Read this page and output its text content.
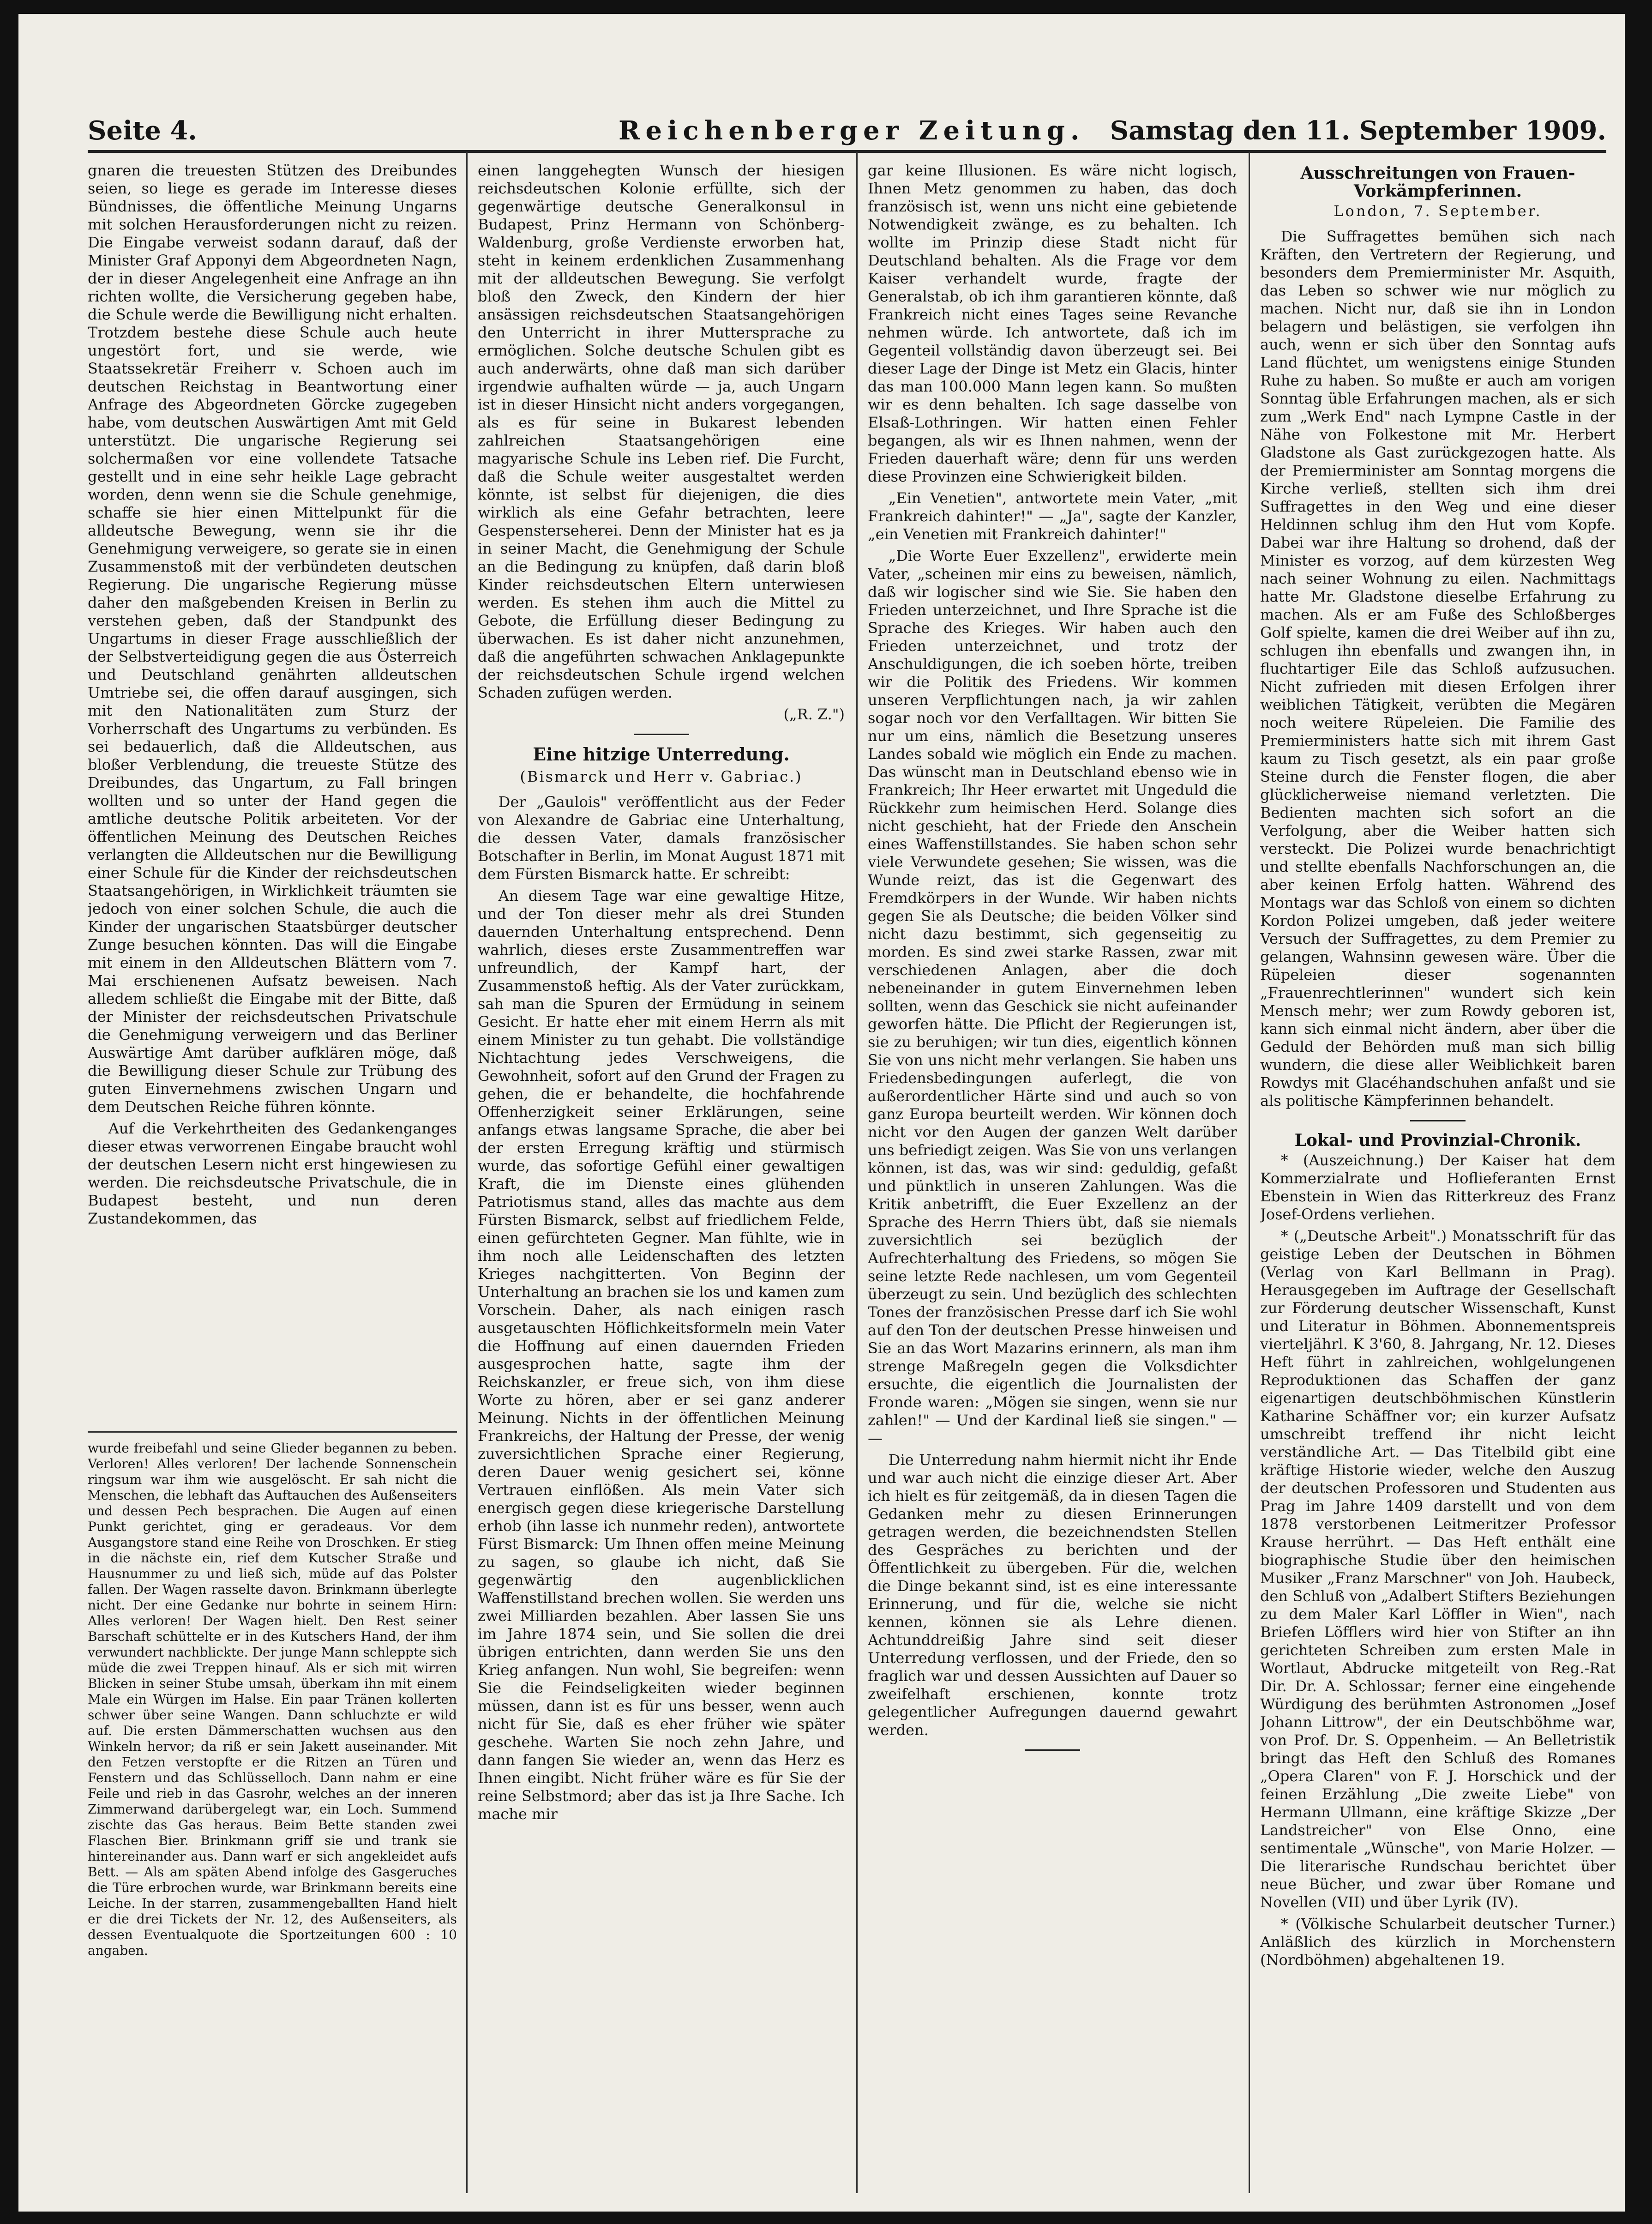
Seite 4.	Reichenberger Zeitung. Samstag den 11. September 1909.

gnaren die treuesten Stützen des Dreibundes seien, so liege es gerade im Interesse dieses Bündnisses, die öffentliche Meinung Ungarns mit solchen Herausforderungen nicht zu reizen. Die Eingabe verweist sodann darauf, daß der Minister Graf Apponyi dem Abgeordneten Nagn, der in dieser Angelegenheit eine Anfrage an ihn richten wollte, die Versicherung gegeben habe, die Schule werde die Bewilligung nicht erhalten. Trotzdem bestehe diese Schule auch heute ungestört fort, und sie werde, wie Staatssekretär Freiherr v. Schoen auch im deutschen Reichstag in Beantwortung einer Anfrage des Abgeordneten Görcke zugegeben habe, vom deutschen Auswärtigen Amt mit Geld unterstützt. Die ungarische Regierung sei solchermaßen vor eine vollendete Tatsache gestellt und in eine sehr heikle Lage gebracht worden, denn wenn sie die Schule genehmige, schaffe sie hier einen Mittelpunkt für die alldeutsche Bewegung, wenn sie ihr die Genehmigung verweigere, so gerate sie in einen Zusammenstoß mit der verbündeten deutschen Regierung. Die ungarische Regierung müsse daher den maßgebenden Kreisen in Berlin zu verstehen geben, daß der Standpunkt des Ungartums in dieser Frage ausschließlich der der Selbstverteidigung gegen die aus Österreich und Deutschland genährten alldeutschen Umtriebe sei, die offen darauf ausgingen, sich mit den Nationalitäten zum Sturz der Vorherrschaft des Ungartums zu verbünden. Es sei bedauerlich, daß die Alldeutschen, aus bloßer Verblendung, die treueste Stütze des Dreibundes, das Ungartum, zu Fall bringen wollten und so unter der Hand gegen die amtliche deutsche Politik arbeiteten. Vor der öffentlichen Meinung des Deutschen Reiches verlangten die Alldeutschen nur die Bewilligung einer Schule für die Kinder der reichsdeutschen Staatsangehörigen, in Wirklichkeit träumten sie jedoch von einer solchen Schule, die auch die Kinder der ungarischen Staatsbürger deutscher Zunge besuchen könnten. Das will die Eingabe mit einem in den Alldeutschen Blättern vom 7. Mai erschienenen Aufsatz beweisen. Nach alledem schließt die Eingabe mit der Bitte, daß der Minister der reichsdeutschen Privatschule die Genehmigung verweigern und das Berliner Auswärtige Amt darüber aufklären möge, daß die Bewilligung dieser Schule zur Trübung des guten Einvernehmens zwischen Ungarn und dem Deutschen Reiche führen könnte.

Auf die Verkehrtheiten des Gedankenganges dieser etwas verworrenen Eingabe braucht wohl der deutschen Lesern nicht erst hingewiesen zu werden. Die reichsdeutsche Privatschule, die in Budapest besteht, und nun deren Zustandekommen, das

wurde freibefahl und seine Glieder begannen zu beben. Verloren! Alles verloren! Der lachende Sonnenschein ringsum war ihm wie ausgelöscht. Er sah nicht die Menschen, die lebhaft das Auftauchen des Außenseiters und dessen Pech besprachen. Die Augen auf einen Punkt gerichtet, ging er geradeaus. Vor dem Ausgangstore stand eine Reihe von Droschken. Er stieg in die nächste ein, rief dem Kutscher Straße und Hausnummer zu und ließ sich, müde auf das Polster fallen. Der Wagen rasselte davon. Brinkmann überlegte nicht. Der eine Gedanke nur bohrte in seinem Hirn: Alles verloren! Der Wagen hielt. Den Rest seiner Barschaft schüttelte er in des Kutschers Hand, der ihm verwundert nachblickte. Der junge Mann schleppte sich müde die zwei Treppen hinauf. Als er sich mit wirren Blicken in seiner Stube umsah, überkam ihn mit einem Male ein Würgen im Halse. Ein paar Tränen kollerten schwer über seine Wangen. Dann schluchzte er wild auf. Die ersten Dämmerschatten wuchsen aus den Winkeln hervor; da riß er sein Jakett auseinander. Mit den Fetzen verstopfte er die Ritzen an Türen und Fenstern und das Schlüsselloch. Dann nahm er eine Feile und rieb in das Gasrohr, welches an der inneren Zimmerwand darübergelegt war, ein Loch. Summend zischte das Gas heraus. Beim Bette standen zwei Flaschen Bier. Brinkmann griff sie und trank sie hintereinander aus. Dann warf er sich angekleidet aufs Bett. — Als am späten Abend infolge des Gasgeruches die Türe erbrochen wurde, war Brinkmann bereits eine Leiche. In der starren, zusammengeballten Hand hielt er die drei Tickets der Nr. 12, des Außenseiters, als dessen Eventualquote die Sportzeitungen 600 : 10 angaben.

einen langgehegten Wunsch der hiesigen reichsdeutschen Kolonie erfüllte, sich der gegenwärtige deutsche Generalkonsul in Budapest, Prinz Hermann von Schönberg-Waldenburg, große Verdienste erworben hat, steht in keinem erdenklichen Zusammenhang mit der alldeutschen Bewegung. Sie verfolgt bloß den Zweck, den Kindern der hier ansässigen reichsdeutschen Staatsangehörigen den Unterricht in ihrer Muttersprache zu ermöglichen. Solche deutsche Schulen gibt es auch anderwärts, ohne daß man sich darüber irgendwie aufhalten würde — ja, auch Ungarn ist in dieser Hinsicht nicht anders vorgegangen, als es für seine in Bukarest lebenden zahlreichen Staatsangehörigen eine magyarische Schule ins Leben rief. Die Furcht, daß die Schule weiter ausgestaltet werden könnte, ist selbst für diejenigen, die dies wirklich als eine Gefahr betrachten, leere Gespensterseherei. Denn der Minister hat es ja in seiner Macht, die Genehmigung der Schule an die Bedingung zu knüpfen, daß darin bloß Kinder reichsdeutschen Eltern unterwiesen werden. Es stehen ihm auch die Mittel zu Gebote, die Erfüllung dieser Bedingung zu überwachen. Es ist daher nicht anzunehmen, daß die angeführten schwachen Anklagepunkte der reichsdeutschen Schule irgend welchen Schaden zufügen werden.

(„R. Z.")
Eine hitzige Unterredung.
(Bismarck und Herr v. Gabriac.)

Der „Gaulois" veröffentlicht aus der Feder von Alexandre de Gabriac eine Unterhaltung, die dessen Vater, damals französischer Botschafter in Berlin, im Monat August 1871 mit dem Fürsten Bismarck hatte. Er schreibt:

An diesem Tage war eine gewaltige Hitze, und der Ton dieser mehr als drei Stunden dauernden Unterhaltung entsprechend. Denn wahrlich, dieses erste Zusammentreffen war unfreundlich, der Kampf hart, der Zusammenstoß heftig. Als der Vater zurückkam, sah man die Spuren der Ermüdung in seinem Gesicht. Er hatte eher mit einem Herrn als mit einem Minister zu tun gehabt. Die vollständige Nichtachtung jedes Verschweigens, die Gewohnheit, sofort auf den Grund der Fragen zu gehen, die er behandelte, die hochfahrende Offenherzigkeit seiner Erklärungen, seine anfangs etwas langsame Sprache, die aber bei der ersten Erregung kräftig und stürmisch wurde, das sofortige Gefühl einer gewaltigen Kraft, die im Dienste eines glühenden Patriotismus stand, alles das machte aus dem Fürsten Bismarck, selbst auf friedlichem Felde, einen gefürchteten Gegner. Man fühlte, wie in ihm noch alle Leidenschaften des letzten Krieges nachgitterten. Von Beginn der Unterhaltung an brachen sie los und kamen zum Vorschein. Daher, als nach einigen rasch ausgetauschten Höflichkeitsformeln mein Vater die Hoffnung auf einen dauernden Frieden ausgesprochen hatte, sagte ihm der Reichskanzler, er freue sich, von ihm diese Worte zu hören, aber er sei ganz anderer Meinung. Nichts in der öffentlichen Meinung Frankreichs, der Haltung der Presse, der wenig zuversichtlichen Sprache einer Regierung, deren Dauer wenig gesichert sei, könne Vertrauen einflößen. Als mein Vater sich energisch gegen diese kriegerische Darstellung erhob (ihn lasse ich nunmehr reden), antwortete Fürst Bismarck: Um Ihnen offen meine Meinung zu sagen, so glaube ich nicht, daß Sie gegenwärtig den augenblicklichen Waffenstillstand brechen wollen. Sie werden uns zwei Milliarden bezahlen. Aber lassen Sie uns im Jahre 1874 sein, und Sie sollen die drei übrigen entrichten, dann werden Sie uns den Krieg anfangen. Nun wohl, Sie begreifen: wenn Sie die Feindseligkeiten wieder beginnen müssen, dann ist es für uns besser, wenn auch nicht für Sie, daß es eher früher wie später geschehe. Warten Sie noch zehn Jahre, und dann fangen Sie wieder an, wenn das Herz es Ihnen eingibt. Nicht früher wäre es für Sie der reine Selbstmord; aber das ist ja Ihre Sache. Ich mache mir

gar keine Illusionen. Es wäre nicht logisch, Ihnen Metz genommen zu haben, das doch französisch ist, wenn uns nicht eine gebietende Notwendigkeit zwänge, es zu behalten. Ich wollte im Prinzip diese Stadt nicht für Deutschland behalten. Als die Frage vor dem Kaiser verhandelt wurde, fragte der Generalstab, ob ich ihm garantieren könnte, daß Frankreich nicht eines Tages seine Revanche nehmen würde. Ich antwortete, daß ich im Gegenteil vollständig davon überzeugt sei. Bei dieser Lage der Dinge ist Metz ein Glacis, hinter das man 100.000 Mann legen kann. So mußten wir es denn behalten. Ich sage dasselbe von Elsaß-Lothringen. Wir hatten einen Fehler begangen, als wir es Ihnen nahmen, wenn der Frieden dauerhaft wäre; denn für uns werden diese Provinzen eine Schwierigkeit bilden.

„Ein Venetien", antwortete mein Vater, „mit Frankreich dahinter!" — „Ja", sagte der Kanzler, „ein Venetien mit Frankreich dahinter!"

„Die Worte Euer Exzellenz", erwiderte mein Vater, „scheinen mir eins zu beweisen, nämlich, daß wir logischer sind wie Sie. Sie haben den Frieden unterzeichnet, und Ihre Sprache ist die Sprache des Krieges. Wir haben auch den Frieden unterzeichnet, und trotz der Anschuldigungen, die ich soeben hörte, treiben wir die Politik des Friedens. Wir kommen unseren Verpflichtungen nach, ja wir zahlen sogar noch vor den Verfalltagen. Wir bitten Sie nur um eins, nämlich die Besetzung unseres Landes sobald wie möglich ein Ende zu machen. Das wünscht man in Deutschland ebenso wie in Frankreich; Ihr Heer erwartet mit Ungeduld die Rückkehr zum heimischen Herd. Solange dies nicht geschieht, hat der Friede den Anschein eines Waffenstillstandes. Sie haben schon sehr viele Verwundete gesehen; Sie wissen, was die Wunde reizt, das ist die Gegenwart des Fremdkörpers in der Wunde. Wir haben nichts gegen Sie als Deutsche; die beiden Völker sind nicht dazu bestimmt, sich gegenseitig zu morden. Es sind zwei starke Rassen, zwar mit verschiedenen Anlagen, aber die doch nebeneinander in gutem Einvernehmen leben sollten, wenn das Geschick sie nicht aufeinander geworfen hätte. Die Pflicht der Regierungen ist, sie zu beruhigen; wir tun dies, eigentlich können Sie von uns nicht mehr verlangen. Sie haben uns Friedensbedingungen auferlegt, die von außerordentlicher Härte sind und auch so von ganz Europa beurteilt werden. Wir können doch nicht vor den Augen der ganzen Welt darüber uns befriedigt zeigen. Was Sie von uns verlangen können, ist das, was wir sind: geduldig, gefaßt und pünktlich in unseren Zahlungen. Was die Kritik anbetrifft, die Euer Exzellenz an der Sprache des Herrn Thiers übt, daß sie niemals zuversichtlich sei bezüglich der Aufrechterhaltung des Friedens, so mögen Sie seine letzte Rede nachlesen, um vom Gegenteil überzeugt zu sein. Und bezüglich des schlechten Tones der französischen Presse darf ich Sie wohl auf den Ton der deutschen Presse hinweisen und Sie an das Wort Mazarins erinnern, als man ihm strenge Maßregeln gegen die Volksdichter ersuchte, die eigentlich die Journalisten der Fronde waren: „Mögen sie singen, wenn sie nur zahlen!" — Und der Kardinal ließ sie singen." — —

Die Unterredung nahm hiermit nicht ihr Ende und war auch nicht die einzige dieser Art. Aber ich hielt es für zeitgemäß, da in diesen Tagen die Gedanken mehr zu diesen Erinnerungen getragen werden, die bezeichnendsten Stellen des Gespräches zu berichten und der Öffentlichkeit zu übergeben. Für die, welchen die Dinge bekannt sind, ist es eine interessante Erinnerung, und für die, welche sie nicht kennen, können sie als Lehre dienen. Achtunddreißig Jahre sind seit dieser Unterredung verflossen, und der Friede, den so fraglich war und dessen Aussichten auf Dauer so zweifelhaft erschienen, konnte trotz gelegentlicher Aufregungen dauernd gewahrt werden.

Ausschreitungen von Frauen-Vorkämpferinnen.
London, 7. September.

Die Suffragettes bemühen sich nach Kräften, den Vertretern der Regierung, und besonders dem Premierminister Mr. Asquith, das Leben so schwer wie nur möglich zu machen. Nicht nur, daß sie ihn in London belagern und belästigen, sie verfolgen ihn auch, wenn er sich über den Sonntag aufs Land flüchtet, um wenigstens einige Stunden Ruhe zu haben. So mußte er auch am vorigen Sonntag üble Erfahrungen machen, als er sich zum „Werk End" nach Lympne Castle in der Nähe von Folkestone mit Mr. Herbert Gladstone als Gast zurückgezogen hatte. Als der Premierminister am Sonntag morgens die Kirche verließ, stellten sich ihm drei Suffragettes in den Weg und eine dieser Heldinnen schlug ihm den Hut vom Kopfe. Dabei war ihre Haltung so drohend, daß der Minister es vorzog, auf dem kürzesten Weg nach seiner Wohnung zu eilen. Nachmittags hatte Mr. Gladstone dieselbe Erfahrung zu machen. Als er am Fuße des Schloßberges Golf spielte, kamen die drei Weiber auf ihn zu, schlugen ihn ebenfalls und zwangen ihn, in fluchtartiger Eile das Schloß aufzusuchen. Nicht zufrieden mit diesen Erfolgen ihrer weiblichen Tätigkeit, verübten die Megären noch weitere Rüpeleien. Die Familie des Premierministers hatte sich mit ihrem Gast kaum zu Tisch gesetzt, als ein paar große Steine durch die Fenster flogen, die aber glücklicherweise niemand verletzten. Die Bedienten machten sich sofort an die Verfolgung, aber die Weiber hatten sich versteckt. Die Polizei wurde benachrichtigt und stellte ebenfalls Nachforschungen an, die aber keinen Erfolg hatten. Während des Montags war das Schloß von einem so dichten Kordon Polizei umgeben, daß jeder weitere Versuch der Suffragettes, zu dem Premier zu gelangen, Wahnsinn gewesen wäre. Über die Rüpeleien dieser sogenannten „Frauenrechtlerinnen" wundert sich kein Mensch mehr; wer zum Rowdy geboren ist, kann sich einmal nicht ändern, aber über die Geduld der Behörden muß man sich billig wundern, die diese aller Weiblichkeit baren Rowdys mit Glacéhandschuhen anfaßt und sie als politische Kämpferinnen behandelt.

Lokal- und Provinzial-Chronik.

* (Auszeichnung.) Der Kaiser hat dem Kommerzialrate und Hoflieferanten Ernst Ebenstein in Wien das Ritterkreuz des Franz Josef-Ordens verliehen.

* („Deutsche Arbeit".) Monatsschrift für das geistige Leben der Deutschen in Böhmen (Verlag von Karl Bellmann in Prag). Herausgegeben im Auftrage der Gesellschaft zur Förderung deutscher Wissenschaft, Kunst und Literatur in Böhmen. Abonnementspreis vierteljährl. K 3'60, 8. Jahrgang, Nr. 12. Dieses Heft führt in zahlreichen, wohlgelungenen Reproduktionen das Schaffen der ganz eigenartigen deutschböhmischen Künstlerin Katharine Schäffner vor; ein kurzer Aufsatz umschreibt treffend ihr nicht leicht verständliche Art. — Das Titelbild gibt eine kräftige Historie wieder, welche den Auszug der deutschen Professoren und Studenten aus Prag im Jahre 1409 darstellt und von dem 1878 verstorbenen Leitmeritzer Professor Krause herrührt. — Das Heft enthält eine biographische Studie über den heimischen Musiker „Franz Marschner" von Joh. Haubeck, den Schluß von „Adalbert Stifters Beziehungen zu dem Maler Karl Löffler in Wien", nach Briefen Löfflers wird hier von Stifter an ihn gerichteten Schreiben zum ersten Male in Wortlaut, Abdrucke mitgeteilt von Reg.-Rat Dir. Dr. A. Schlossar; ferner eine eingehende Würdigung des berühmten Astronomen „Josef Johann Littrow", der ein Deutschböhme war, von Prof. Dr. S. Oppenheim. — An Belletristik bringt das Heft den Schluß des Romanes „Opera Claren" von F. J. Horschick und der feinen Erzählung „Die zweite Liebe" von Hermann Ullmann, eine kräftige Skizze „Der Landstreicher" von Else Onno, eine sentimentale „Wünsche", von Marie Holzer. — Die literarische Rundschau berichtet über neue Bücher, und zwar über Romane und Novellen (VII) und über Lyrik (IV).

* (Völkische Schularbeit deutscher Turner.) Anläßlich des kürzlich in Morchenstern (Nordböhmen) abgehaltenen 19.
